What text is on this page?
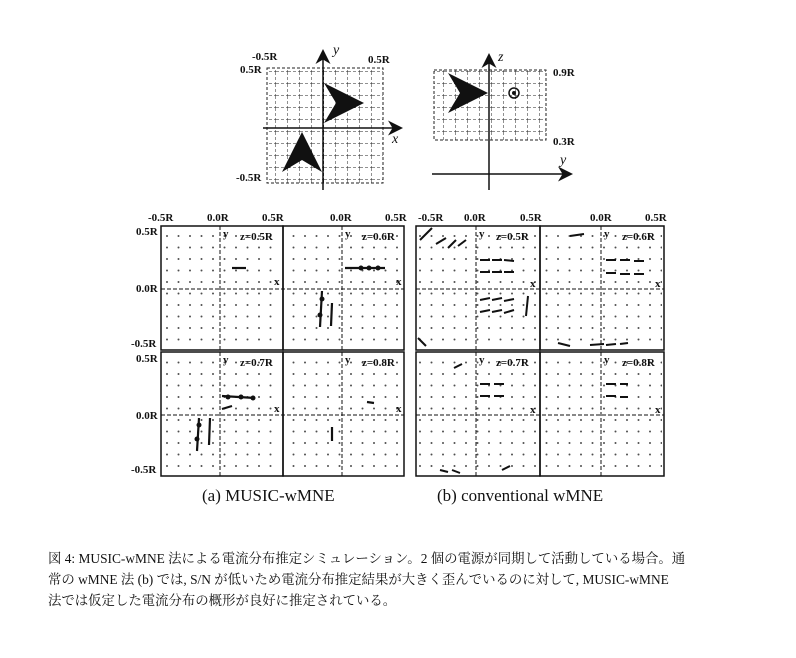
-0.5R	0.5R
0.5R
-0.5R
y
x
0.9R
0.3R
z
y
-0.5R	0.0R	0.5R	0.0R	0.5R -0.5R 0.0R	0.5R	0.0R	0.5R
0.5R
0.0R
-0.5R
0.5R
0.0R
-0.5R
z=0.5R	z=0.6R
z=0.7R	z=0.8R
z=0.5R	z=0.6R
z=0.7R	z=0.8R
y	y
y	y
x	x
x	x
y	y
y	y
x	x
x	x
(a) MUSIC-wMNE	(b) conventional wMNE
図 4: MUSIC-wMNE 法による電流分布推定シミュレーション。2 個の電源が同期して活動している場合。通
常の wMNE 法 (b) では, S/N が低いため電流分布推定結果が大きく歪んでいるのに対して, MUSIC-wMNE
法では仮定した電流分布の概形が良好に推定されている。
